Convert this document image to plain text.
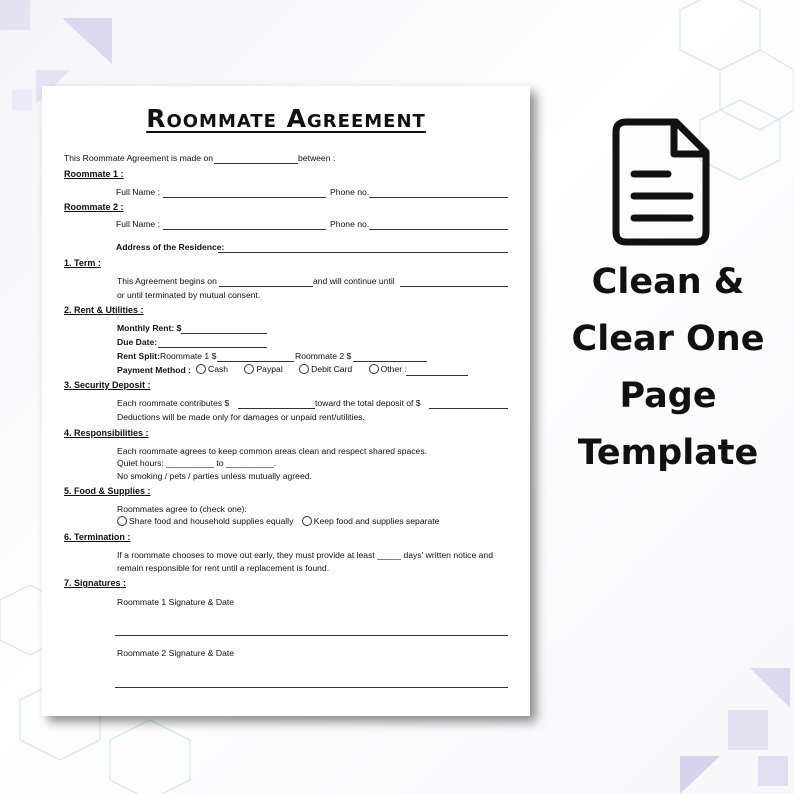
Roommate Agreement
This Roommate Agreement is made on	between :
Roommate 1 :
Full Name :	Phone no.
Roommate 2 :
Full Name :	Phone no.
Address of the Residence:
1. Term :
This Agreement begins on	and will continue until
or until terminated by mutual consent.
2. Rent & Utilities :
Monthly Rent: $
Due Date:
Rent Split: Roommate 1 $	Roommate 2 $
Payment Method :	Cash	Paypal	Debit Card	Other :
3. Security Deposit :
Each roommate contributes $	toward the total deposit of $
Deductions will be made only for damages or unpaid rent/utilities.
4. Responsibilities :
Each roommate agrees to keep common areas clean and respect shared spaces.
Quiet hours: __________ to __________.
No smoking / pets / parties unless mutually agreed.
5. Food & Supplies :
Roommates agree to (check one):
Share food and household supplies equally Keep food and supplies separate
6. Termination :
If a roommate chooses to move out early, they must provide at least _____ days' written notice and
remain responsible for rent until a replacement is found.
7. Signatures :
Roommate 1 Signature & Date
Roommate 2 Signature & Date
Clean &
Clear One
Page
Template
